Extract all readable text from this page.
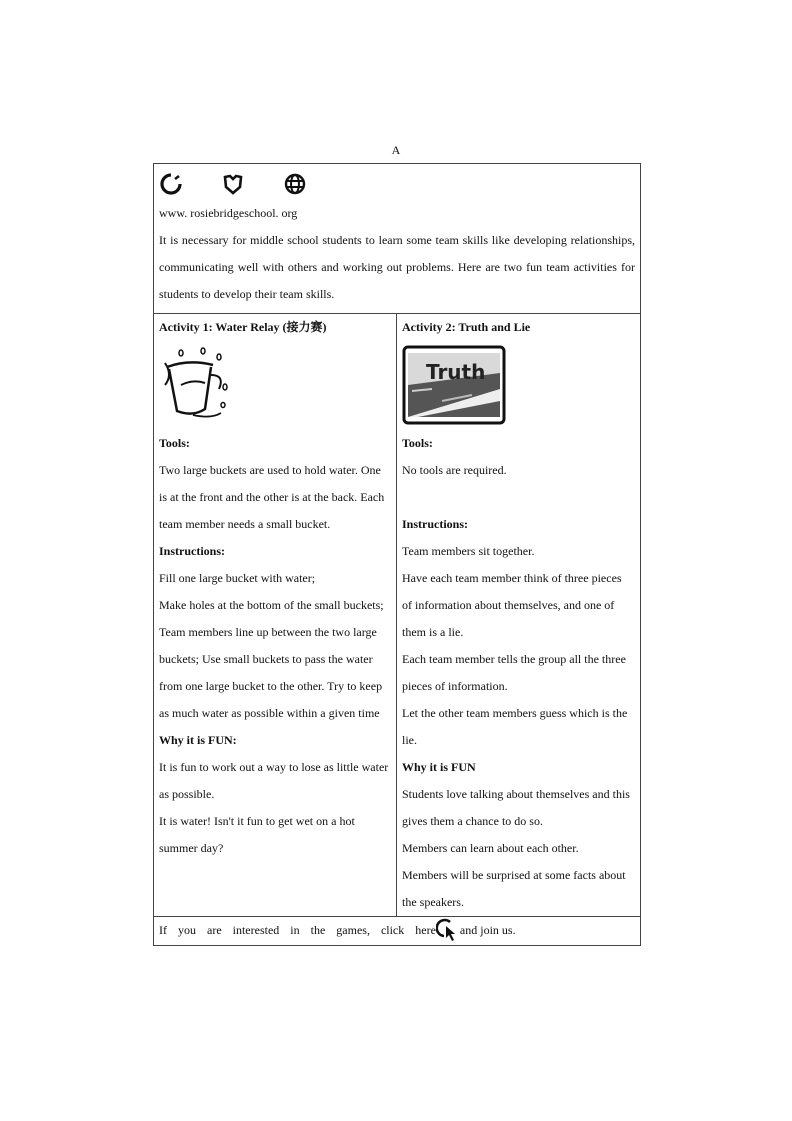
A
www. rosiebridgeschool. org
It is necessary for middle school students to learn some team skills like developing relationships,
communicating well with others and working out problems. Here are two fun team activities for
students to develop their team skills.
Activity 1: Water Relay (接力赛)
Tools:
Two large buckets are used to hold water. One
is at the front and the other is at the back. Each
team member needs a small bucket.
Instructions:
Fill one large bucket with water;
Make holes at the bottom of the small buckets;
Team members line up between the two large
buckets; Use small buckets to pass the water
from one large bucket to the other. Try to keep
as much water as possible within a given time
Why it is FUN:
It is fun to work out a way to lose as little water
as possible.
It is water! Isn't it fun to get wet on a hot
summer day?
Activity 2: Truth and Lie
Truth
Tools:
No tools are required.

Instructions:
Team members sit together.
Have each team member think of three pieces
of information about themselves, and one of
them is a lie.
Each team member tells the group all the three
pieces of information.
Let the other team members guess which is the
lie.
Why it is FUN
Students love talking about themselves and this
gives them a chance to do so.
Members can learn about each other.
Members will be surprised at some facts about
the speakers.
If you are interested in the games, click here and join us.
